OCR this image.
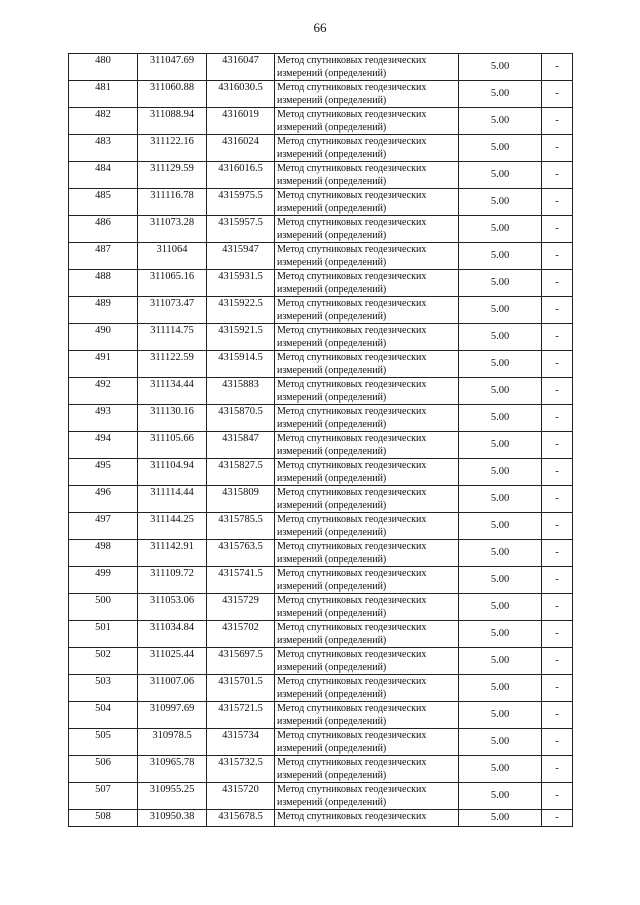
66
480	311047.69	4316047	Метод спутниковых геодезических измерений (определений)	5.00	-
481	311060.88	4316030.5	Метод спутниковых геодезических измерений (определений)	5.00	-
482	311088.94	4316019	Метод спутниковых геодезических измерений (определений)	5.00	-
483	311122.16	4316024	Метод спутниковых геодезических измерений (определений)	5.00	-
484	311129.59	4316016.5	Метод спутниковых геодезических измерений (определений)	5.00	-
485	311116.78	4315975.5	Метод спутниковых геодезических измерений (определений)	5.00	-
486	311073.28	4315957.5	Метод спутниковых геодезических измерений (определений)	5.00	-
487	311064	4315947	Метод спутниковых геодезических измерений (определений)	5.00	-
488	311065.16	4315931.5	Метод спутниковых геодезических измерений (определений)	5.00	-
489	311073.47	4315922.5	Метод спутниковых геодезических измерений (определений)	5.00	-
490	311114.75	4315921.5	Метод спутниковых геодезических измерений (определений)	5.00	-
491	311122.59	4315914.5	Метод спутниковых геодезических измерений (определений)	5.00	-
492	311134.44	4315883	Метод спутниковых геодезических измерений (определений)	5.00	-
493	311130.16	4315870.5	Метод спутниковых геодезических измерений (определений)	5.00	-
494	311105.66	4315847	Метод спутниковых геодезических измерений (определений)	5.00	-
495	311104.94	4315827.5	Метод спутниковых геодезических измерений (определений)	5.00	-
496	311114.44	4315809	Метод спутниковых геодезических измерений (определений)	5.00	-
497	311144.25	4315785.5	Метод спутниковых геодезических измерений (определений)	5.00	-
498	311142.91	4315763.5	Метод спутниковых геодезических измерений (определений)	5.00	-
499	311109.72	4315741.5	Метод спутниковых геодезических измерений (определений)	5.00	-
500	311053.06	4315729	Метод спутниковых геодезических измерений (определений)	5.00	-
501	311034.84	4315702	Метод спутниковых геодезических измерений (определений)	5.00	-
502	311025.44	4315697.5	Метод спутниковых геодезических измерений (определений)	5.00	-
503	311007.06	4315701.5	Метод спутниковых геодезических измерений (определений)	5.00	-
504	310997.69	4315721.5	Метод спутниковых геодезических измерений (определений)	5.00	-
505	310978.5	4315734	Метод спутниковых геодезических измерений (определений)	5.00	-
506	310965.78	4315732.5	Метод спутниковых геодезических измерений (определений)	5.00	-
507	310955.25	4315720	Метод спутниковых геодезических измерений (определений)	5.00	-
508	310950.38	4315678.5	Метод спутниковых геодезических	5.00	-
